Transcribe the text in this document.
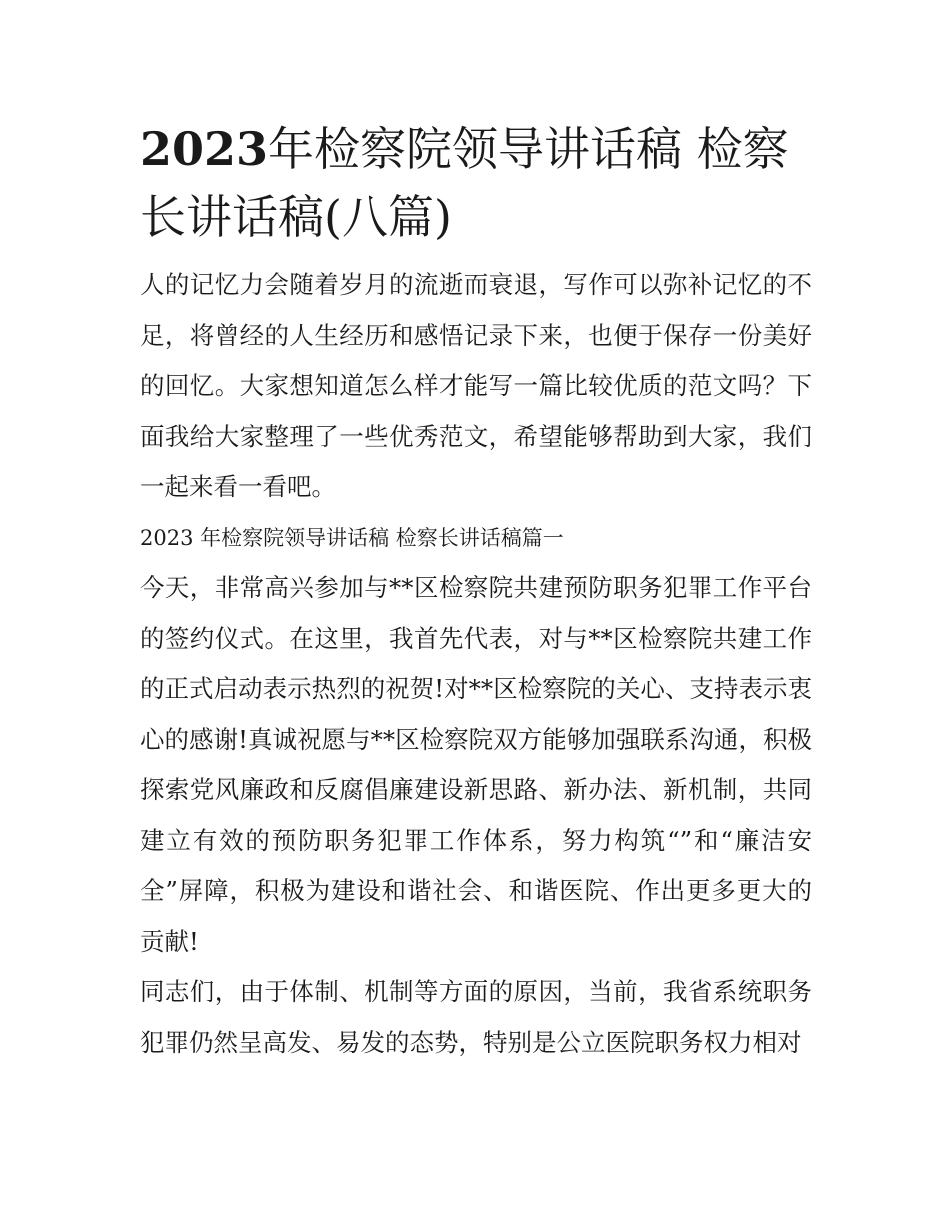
2023年检察院领导讲话稿 检察长讲话稿(八篇)

人的记忆力会随着岁月的流逝而衰退，写作可以弥补记忆的不足，将曾经的人生经历和感悟记录下来，也便于保存一份美好的回忆。大家想知道怎么样才能写一篇比较优质的范文吗？下面我给大家整理了一些优秀范文，希望能够帮助到大家，我们一起来看一看吧。

2023 年检察院领导讲话稿 检察长讲话稿篇一

今天，非常高兴参加与**区检察院共建预防职务犯罪工作平台的签约仪式。在这里，我首先代表，对与**区检察院共建工作的正式启动表示热烈的祝贺!对**区检察院的关心、支持表示衷心的感谢!真诚祝愿与**区检察院双方能够加强联系沟通，积极探索党风廉政和反腐倡廉建设新思路、新办法、新机制，共同建立有效的预防职务犯罪工作体系，努力构筑“”和“廉洁安全”屏障，积极为建设和谐社会、和谐医院、作出更多更大的贡献!

同志们，由于体制、机制等方面的原因，当前，我省系统职务犯罪仍然呈高发、易发的态势，特别是公立医院职务权力相对
